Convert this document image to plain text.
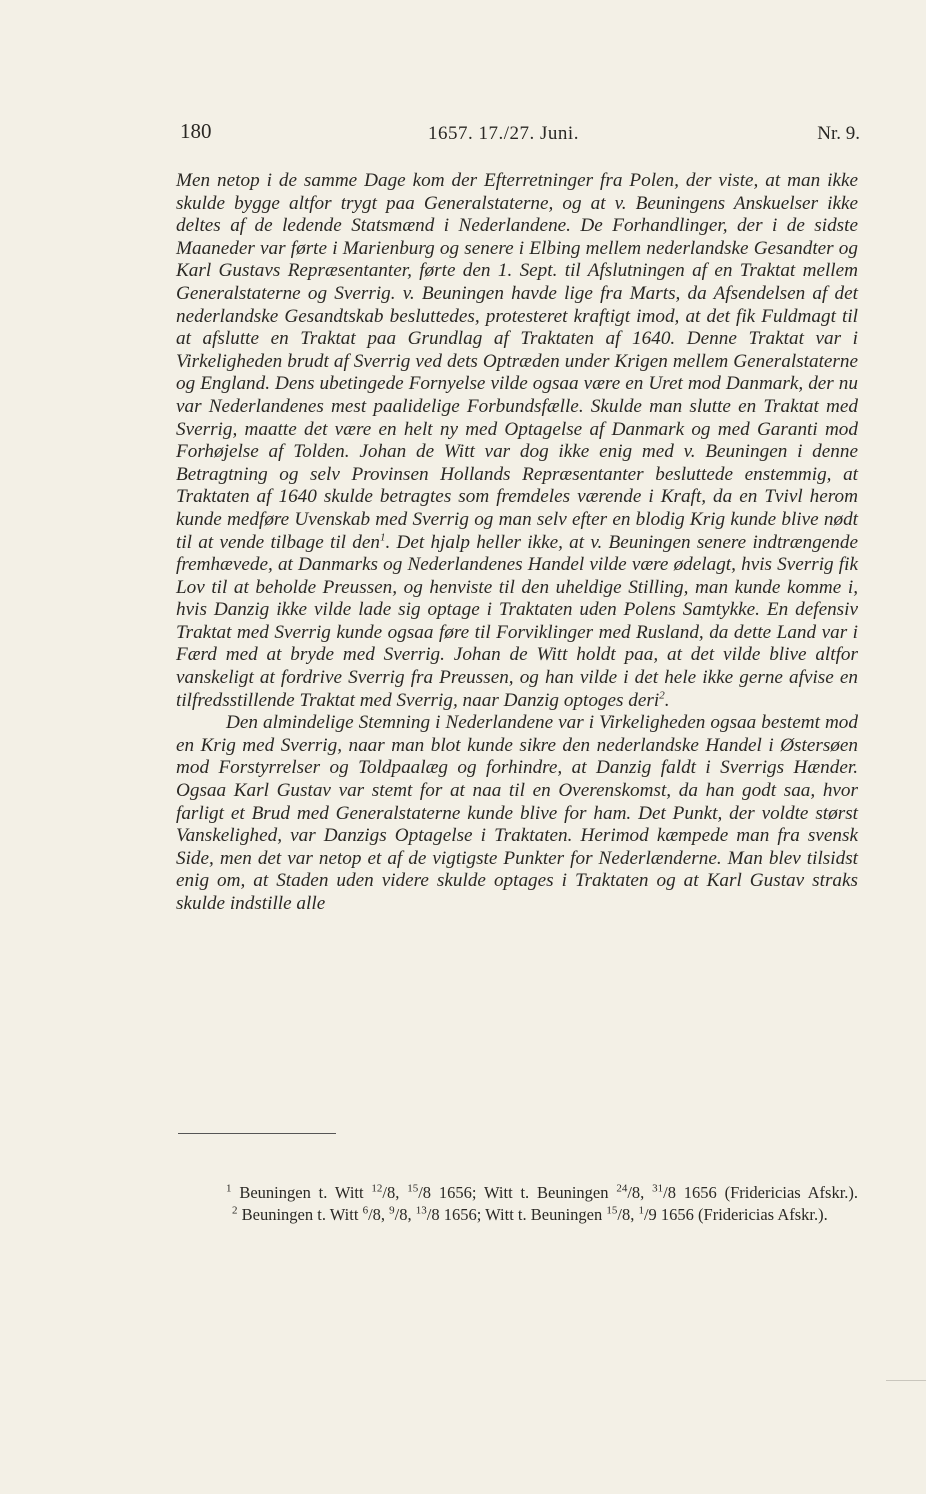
180	1657. 17./27. Juni.	Nr. 9.

Men netop i de samme Dage kom der Efterretninger fra Polen, der viste, at man ikke skulde bygge altfor trygt paa Generalstaterne, og at v. Beuningens Anskuelser ikke deltes af de ledende Statsmænd i Nederlandene. De Forhandlinger, der i de sidste Maaneder var førte i Marienburg og senere i Elbing mellem nederlandske Gesandter og Karl Gustavs Repræsentanter, førte den 1. Sept. til Afslutningen af en Traktat mellem Generalstaterne og Sverrig. v. Beuningen havde lige fra Marts, da Afsendelsen af det nederlandske Gesandtskab besluttedes, protesteret kraftigt imod, at det fik Fuldmagt til at afslutte en Traktat paa Grundlag af Traktaten af 1640. Denne Traktat var i Virkeligheden brudt af Sverrig ved dets Optræden under Krigen mellem Generalstaterne og England. Dens ubetingede Fornyelse vilde ogsaa være en Uret mod Danmark, der nu var Nederlandenes mest paalidelige Forbundsfælle. Skulde man slutte en Traktat med Sverrig, maatte det være en helt ny med Optagelse af Danmark og med Garanti mod Forhøjelse af Tolden. Johan de Witt var dog ikke enig med v. Beuningen i denne Betragtning og selv Provinsen Hollands Repræsentanter besluttede enstemmig, at Traktaten af 1640 skulde betragtes som fremdeles værende i Kraft, da en Tvivl herom kunde medføre Uvenskab med Sverrig og man selv efter en blodig Krig kunde blive nødt til at vende tilbage til den$^1$. Det hjalp heller ikke, at v. Beuningen senere indtrængende fremhævede, at Danmarks og Nederlandenes Handel vilde være ødelagt, hvis Sverrig fik Lov til at beholde Preussen, og henviste til den uheldige Stilling, man kunde komme i, hvis Danzig ikke vilde lade sig optage i Traktaten uden Polens Samtykke. En defensiv Traktat med Sverrig kunde ogsaa føre til Forviklinger med Rusland, da dette Land var i Færd med at bryde med Sverrig. Johan de Witt holdt paa, at det vilde blive altfor vanskeligt at fordrive Sverrig fra Preussen, og han vilde i det hele ikke gerne afvise en tilfredsstillende Traktat med Sverrig, naar Danzig optoges deri$^2$.

Den almindelige Stemning i Nederlandene var i Virkeligheden ogsaa bestemt mod en Krig med Sverrig, naar man blot kunde sikre den nederlandske Handel i Østersøen mod Forstyrrelser og Toldpaalæg og forhindre, at Danzig faldt i Sverrigs Hænder. Ogsaa Karl Gustav var stemt for at naa til en Overenskomst, da han godt saa, hvor farligt et Brud med Generalstaterne kunde blive for ham. Det Punkt, der voldte størst Vanskelighed, var Danzigs Optagelse i Traktaten. Herimod kæmpede man fra svensk Side, men det var netop et af de vigtigste Punkter for Nederlænderne. Man blev tilsidst enig om, at Staden uden videre skulde optages i Traktaten og at Karl Gustav straks skulde indstille alle

$^1$ Beuningen t. Witt $^{12}$/8, $^{15}$/8 1656; Witt t. Beuningen $^{24}$/8, $^{31}$/8 1656 (Fridericias Afskr.).$^2$ Beuningen t. Witt $^6$/8, $^9$/8, $^{13}$/8 1656; Witt t. Beuningen $^{15}$/8, $^1$/9 1656 (Fridericias Afskr.).
